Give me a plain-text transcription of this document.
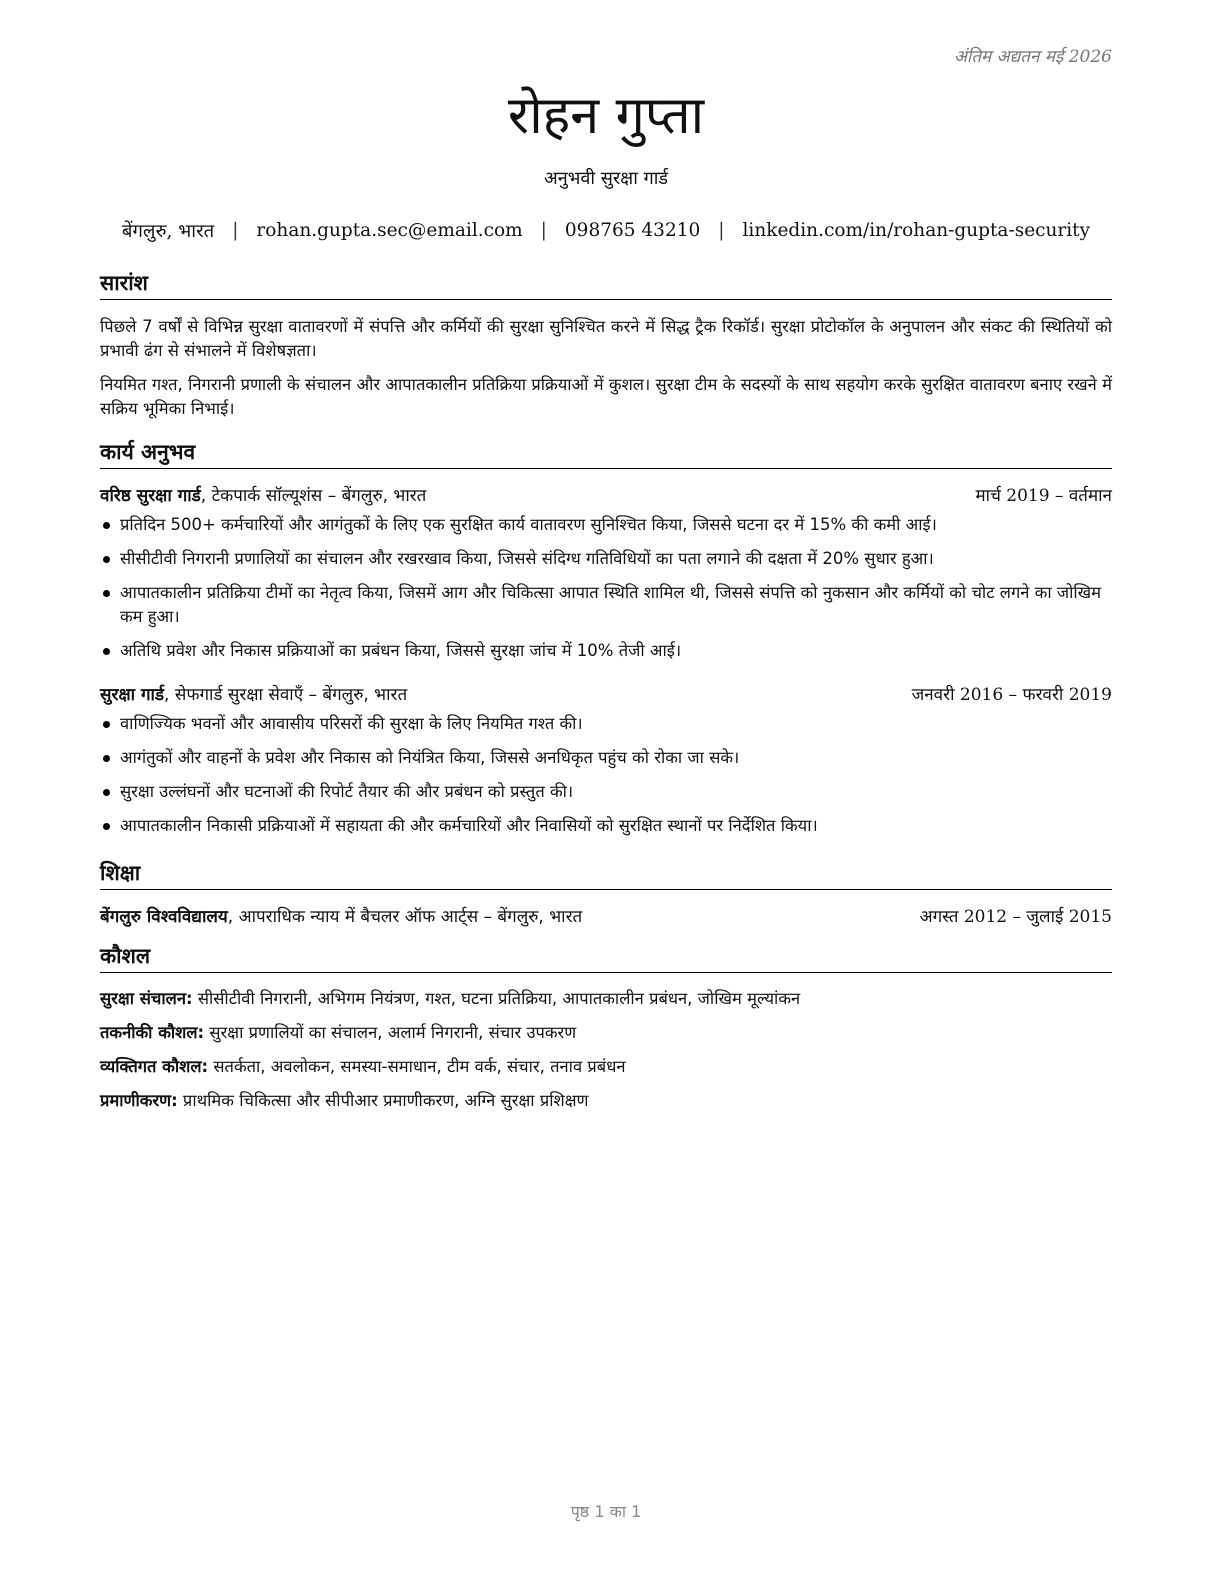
अंतिम अद्यतन मई 2026
रोहन गुप्ता
अनुभवी सुरक्षा गार्ड
बेंगलुरु, भारत | rohan.gupta.sec@email.com | 098765 43210 | linkedin.com/in/rohan-gupta-security
सारांश

पिछले 7 वर्षों से विभिन्न सुरक्षा वातावरणों में संपत्ति और कर्मियों की सुरक्षा सुनिश्चित करने में सिद्ध ट्रैक रिकॉर्ड। सुरक्षा प्रोटोकॉल के अनुपालन और संकट की स्थितियों को प्रभावी ढंग से संभालने में विशेषज्ञता।

नियमित गश्त, निगरानी प्रणाली के संचालन और आपातकालीन प्रतिक्रिया प्रक्रियाओं में कुशल। सुरक्षा टीम के सदस्यों के साथ सहयोग करके सुरक्षित वातावरण बनाए रखने में सक्रिय भूमिका निभाई।

कार्य अनुभव
वरिष्ठ सुरक्षा गार्ड, टेकपार्क सॉल्यूशंस – बेंगलुरु, भारत	मार्च 2019 – वर्तमान
प्रतिदिन 500+ कर्मचारियों और आगंतुकों के लिए एक सुरक्षित कार्य वातावरण सुनिश्चित किया, जिससे घटना दर में 15% की कमी आई।
सीसीटीवी निगरानी प्रणालियों का संचालन और रखरखाव किया, जिससे संदिग्ध गतिविधियों का पता लगाने की दक्षता में 20% सुधार हुआ।
आपातकालीन प्रतिक्रिया टीमों का नेतृत्व किया, जिसमें आग और चिकित्सा आपात स्थिति शामिल थी, जिससे संपत्ति को नुकसान और कर्मियों को चोट लगने का जोखिम कम हुआ।
अतिथि प्रवेश और निकास प्रक्रियाओं का प्रबंधन किया, जिससे सुरक्षा जांच में 10% तेजी आई।
सुरक्षा गार्ड, सेफगार्ड सुरक्षा सेवाएँ – बेंगलुरु, भारत	जनवरी 2016 – फरवरी 2019
वाणिज्यिक भवनों और आवासीय परिसरों की सुरक्षा के लिए नियमित गश्त की।
आगंतुकों और वाहनों के प्रवेश और निकास को नियंत्रित किया, जिससे अनधिकृत पहुंच को रोका जा सके।
सुरक्षा उल्लंघनों और घटनाओं की रिपोर्ट तैयार की और प्रबंधन को प्रस्तुत की।
आपातकालीन निकासी प्रक्रियाओं में सहायता की और कर्मचारियों और निवासियों को सुरक्षित स्थानों पर निर्देशित किया।
शिक्षा
बेंगलुरु विश्वविद्यालय, आपराधिक न्याय में बैचलर ऑफ आर्ट्स – बेंगलुरु, भारत	अगस्त 2012 – जुलाई 2015
कौशल
सुरक्षा संचालन: सीसीटीवी निगरानी, अभिगम नियंत्रण, गश्त, घटना प्रतिक्रिया, आपातकालीन प्रबंधन, जोखिम मूल्यांकन
तकनीकी कौशल: सुरक्षा प्रणालियों का संचालन, अलार्म निगरानी, संचार उपकरण
व्यक्तिगत कौशल: सतर्कता, अवलोकन, समस्या-समाधान, टीम वर्क, संचार, तनाव प्रबंधन
प्रमाणीकरण: प्राथमिक चिकित्सा और सीपीआर प्रमाणीकरण, अग्नि सुरक्षा प्रशिक्षण
पृष्ठ 1 का 1
